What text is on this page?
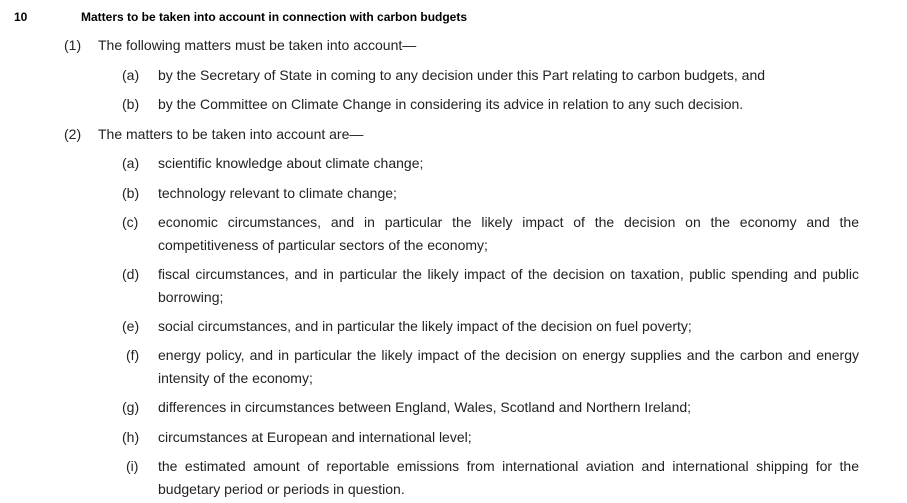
10	Matters to be taken into account in connection with carbon budgets
(1)	The following matters must be taken into account—
(a)	by the Secretary of State in coming to any decision under this Part relating to carbon budgets, and
(b)	by the Committee on Climate Change in considering its advice in relation to any such decision.
(2)	The matters to be taken into account are—
(a)	scientific knowledge about climate change;
(b)	technology relevant to climate change;
(c)	economic circumstances, and in particular the likely impact of the decision on the economy and the competitiveness of particular sectors of the economy;
(d)	fiscal circumstances, and in particular the likely impact of the decision on taxation, public spending and public borrowing;
(e)	social circumstances, and in particular the likely impact of the decision on fuel poverty;
(f)	energy policy, and in particular the likely impact of the decision on energy supplies and the carbon and energy intensity of the economy;
(g)	differences in circumstances between England, Wales, Scotland and Northern Ireland;
(h)	circumstances at European and international level;
(i)	the estimated amount of reportable emissions from international aviation and international shipping for the budgetary period or periods in question.
